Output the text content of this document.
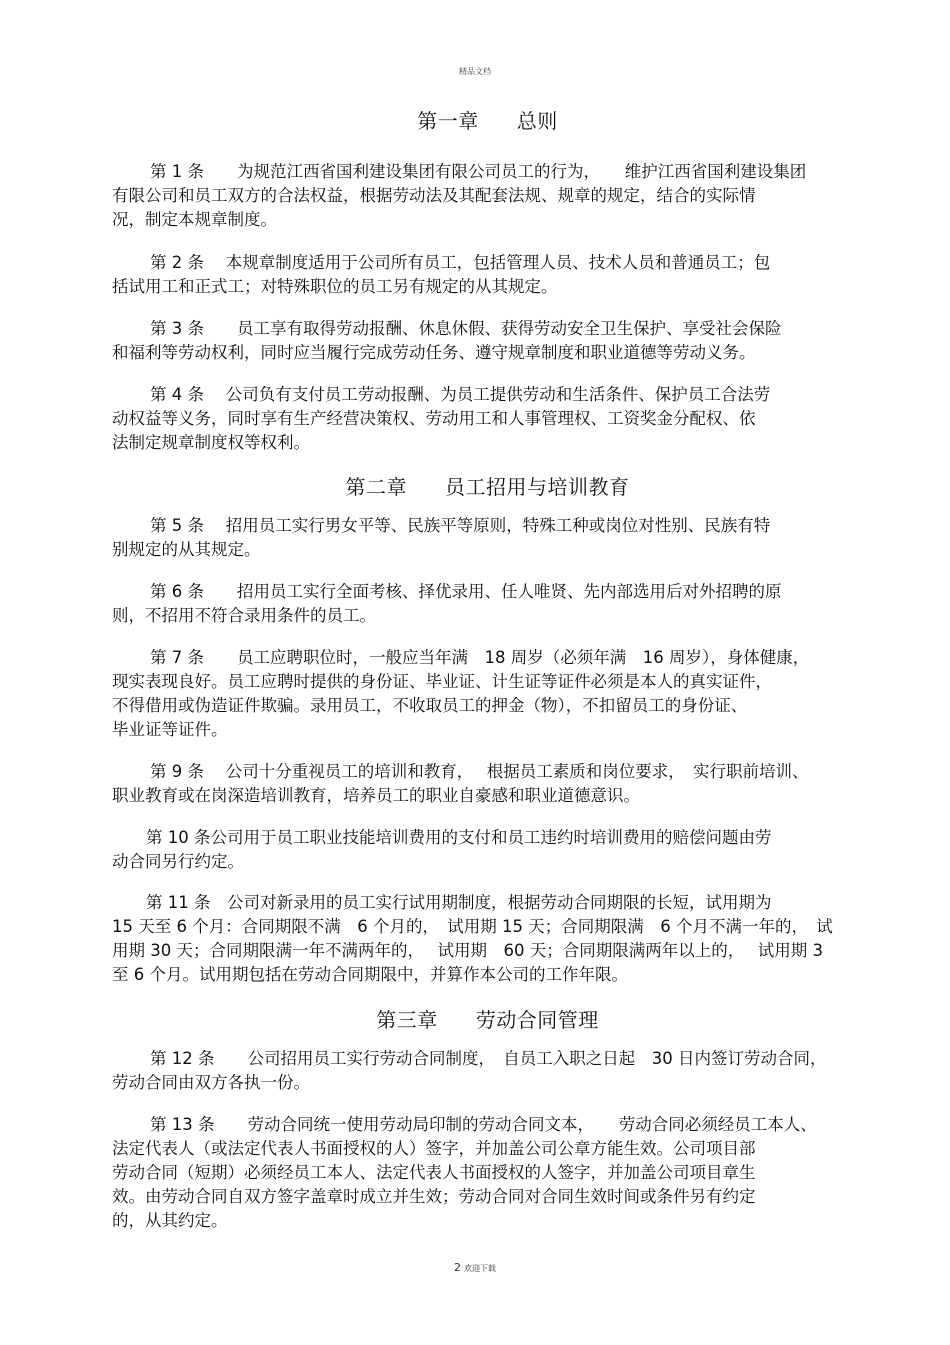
精品文档
第一章 总则
第 1 条　　为规范江西省国利建设集团有限公司员工的行为，　　维护江西省国利建设集团
有限公司和员工双方的合法权益，根据劳动法及其配套法规、规章的规定，结合的实际情
况，制定本规章制度。
第 2 条　 本规章制度适用于公司所有员工，包括管理人员、技术人员和普通员工；包
括试用工和正式工；对特殊职位的员工另有规定的从其规定。
第 3 条　　员工享有取得劳动报酬、休息休假、获得劳动安全卫生保护、享受社会保险
和福利等劳动权利，同时应当履行完成劳动任务、遵守规章制度和职业道德等劳动义务。
第 4 条　 公司负有支付员工劳动报酬、为员工提供劳动和生活条件、保护员工合法劳
动权益等义务，同时享有生产经营决策权、劳动用工和人事管理权、工资奖金分配权、依
法制定规章制度权等权利。
第二章 员工招用与培训教育
第 5 条　 招用员工实行男女平等、民族平等原则，特殊工种或岗位对性别、民族有特
别规定的从其规定。
第 6 条　　招用员工实行全面考核、择优录用、任人唯贤、先内部选用后对外招聘的原
则，不招用不符合录用条件的员工。
第 7 条　　员工应聘职位时，一般应当年满　18 周岁（必须年满　16 周岁），身体健康，
现实表现良好。员工应聘时提供的身份证、毕业证、计生证等证件必须是本人的真实证件，
不得借用或伪造证件欺骗。录用员工，不收取员工的押金（物），不扣留员工的身份证、
毕业证等证件。
第 9 条　 公司十分重视员工的培训和教育，　 根据员工素质和岗位要求，　实行职前培训、
职业教育或在岗深造培训教育，培养员工的职业自豪感和职业道德意识。
第 10 条公司用于员工职业技能培训费用的支付和员工违约时培训费用的赔偿问题由劳
动合同另行约定。
第 11 条　公司对新录用的员工实行试用期制度，根据劳动合同期限的长短，试用期为
15 天至 6 个月：合同期限不满　6 个月的，　试用期 15 天；合同期限满　6 个月不满一年的，　试
用期 30 天；合同期限满一年不满两年的，　 试用期　60 天；合同期限满两年以上的，　 试用期 3
至 6 个月。试用期包括在劳动合同期限中，并算作本公司的工作年限。
第三章 劳动合同管理
第 12 条　　公司招用员工实行劳动合同制度，　自员工入职之日起　30 日内签订劳动合同，
劳动合同由双方各执一份。
第 13 条　　劳动合同统一使用劳动局印制的劳动合同文本，　　劳动合同必须经员工本人、
法定代表人（或法定代表人书面授权的人）签字，并加盖公司公章方能生效。公司项目部
劳动合同（短期）必须经员工本人、法定代表人书面授权的人签字，并加盖公司项目章生
效。由劳动合同自双方签字盖章时成立并生效；劳动合同对合同生效时间或条件另有约定
的，从其约定。
2 欢迎下载
